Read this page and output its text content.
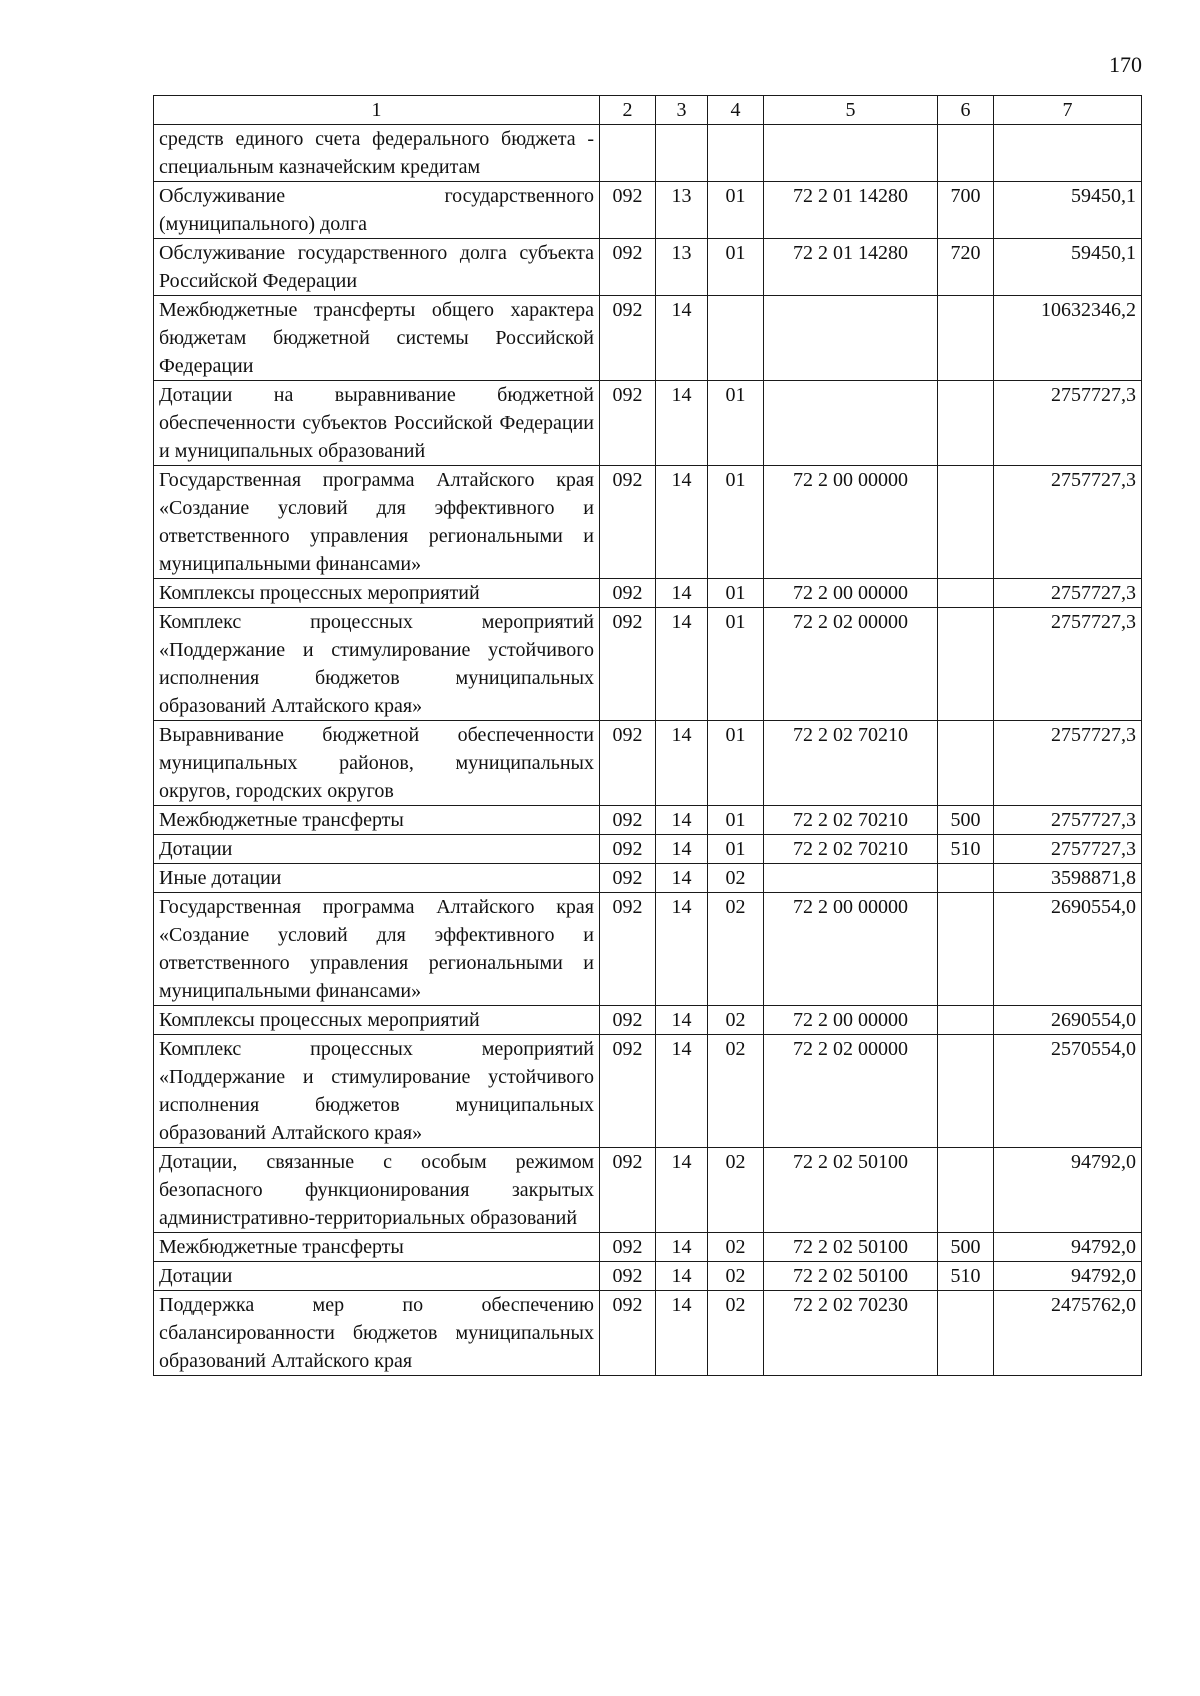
170
1	2	3	4	5	6	7
средств единого счета федерального бюджета - специальным казначейским кредитам						
Обслуживание государственного (муниципального) долга	092	13	01	72 2 01 14280	700	59450,1
Обслуживание государственного долга субъекта Российской Федерации	092	13	01	72 2 01 14280	720	59450,1
Межбюджетные трансферты общего характера бюджетам бюджетной системы Российской Федерации	092	14				10632346,2
Дотации на выравнивание бюджетной обеспеченности субъектов Российской Федерации и муниципальных образований	092	14	01			2757727,3
Государственная программа Алтайского края «Создание условий для эффективного и ответственного управления региональными и муниципальными финансами»	092	14	01	72 2 00 00000		2757727,3
Комплексы процессных мероприятий	092	14	01	72 2 00 00000		2757727,3
Комплекс процессных мероприятий «Поддержание и стимулирование устойчивого исполнения бюджетов муниципальных образований Алтайского края»	092	14	01	72 2 02 00000		2757727,3
Выравнивание бюджетной обеспеченности муниципальных районов, муниципальных округов, городских округов	092	14	01	72 2 02 70210		2757727,3
Межбюджетные трансферты	092	14	01	72 2 02 70210	500	2757727,3
Дотации	092	14	01	72 2 02 70210	510	2757727,3
Иные дотации	092	14	02			3598871,8
Государственная программа Алтайского края «Создание условий для эффективного и ответственного управления региональными и муниципальными финансами»	092	14	02	72 2 00 00000		2690554,0
Комплексы процессных мероприятий	092	14	02	72 2 00 00000		2690554,0
Комплекс процессных мероприятий «Поддержание и стимулирование устойчивого исполнения бюджетов муниципальных образований Алтайского края»	092	14	02	72 2 02 00000		2570554,0
Дотации, связанные с особым режимом безопасного функционирования закрытых административно-территориальных образований	092	14	02	72 2 02 50100		94792,0
Межбюджетные трансферты	092	14	02	72 2 02 50100	500	94792,0
Дотации	092	14	02	72 2 02 50100	510	94792,0
Поддержка мер по обеспечению сбалансированности бюджетов муниципальных образований Алтайского края	092	14	02	72 2 02 70230		2475762,0
